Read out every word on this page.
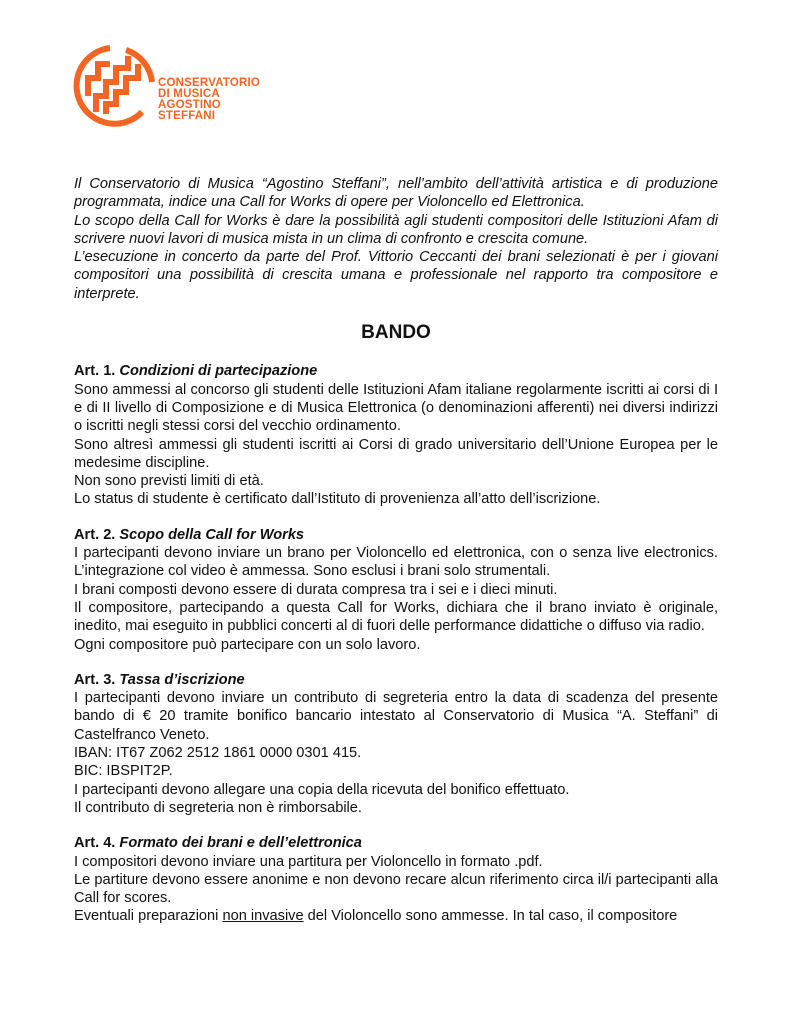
CONSERVATORIO
DI MUSICA
AGOSTINO STEFFANI

Il Conservatorio di Musica “Agostino Steffani”, nell’ambito dell’attività artistica e di produzione programmata, indice una Call for Works di opere per Violoncello ed Elettronica.

Lo scopo della Call for Works è dare la possibilità agli studenti compositori delle Istituzioni Afam di scrivere nuovi lavori di musica mista in un clima di confronto e crescita comune.

L’esecuzione in concerto da parte del Prof. Vittorio Ceccanti dei brani selezionati è per i giovani compositori una possibilità di crescita umana e professionale nel rapporto tra compositore e interprete.

BANDO
Art. 1. Condizioni di partecipazione

Sono ammessi al concorso gli studenti delle Istituzioni Afam italiane regolarmente iscritti ai corsi di I e di II livello di Composizione e di Musica Elettronica (o denominazioni afferenti) nei diversi indirizzi o iscritti negli stessi corsi del vecchio ordinamento.

Sono altresì ammessi gli studenti iscritti ai Corsi di grado universitario dell’Unione Europea per le medesime discipline.

Non sono previsti limiti di età.

Lo status di studente è certificato dall’Istituto di provenienza all’atto dell’iscrizione.

Art. 2. Scopo della Call for Works

I partecipanti devono inviare un brano per Violoncello ed elettronica, con o senza live electronics. L’integrazione col video è ammessa. Sono esclusi i brani solo strumentali.

I brani composti devono essere di durata compresa tra i sei e i dieci minuti.

Il compositore, partecipando a questa Call for Works, dichiara che il brano inviato è originale, inedito, mai eseguito in pubblici concerti al di fuori delle performance didattiche o diffuso via radio.

Ogni compositore può partecipare con un solo lavoro.

Art. 3. Tassa d’iscrizione

I partecipanti devono inviare un contributo di segreteria entro la data di scadenza del presente bando di € 20 tramite bonifico bancario intestato al Conservatorio di Musica “A. Steffani” di Castelfranco Veneto.

IBAN: IT67 Z062 2512 1861 0000 0301 415.

BIC: IBSPIT2P.

I partecipanti devono allegare una copia della ricevuta del bonifico effettuato.

Il contributo di segreteria non è rimborsabile.

Art. 4. Formato dei brani e dell’elettronica

I compositori devono inviare una partitura per Violoncello in formato .pdf.

Le partiture devono essere anonime e non devono recare alcun riferimento circa il/i partecipanti alla Call for scores.

Eventuali preparazioni non invasive del Violoncello sono ammesse. In tal caso, il compositore
